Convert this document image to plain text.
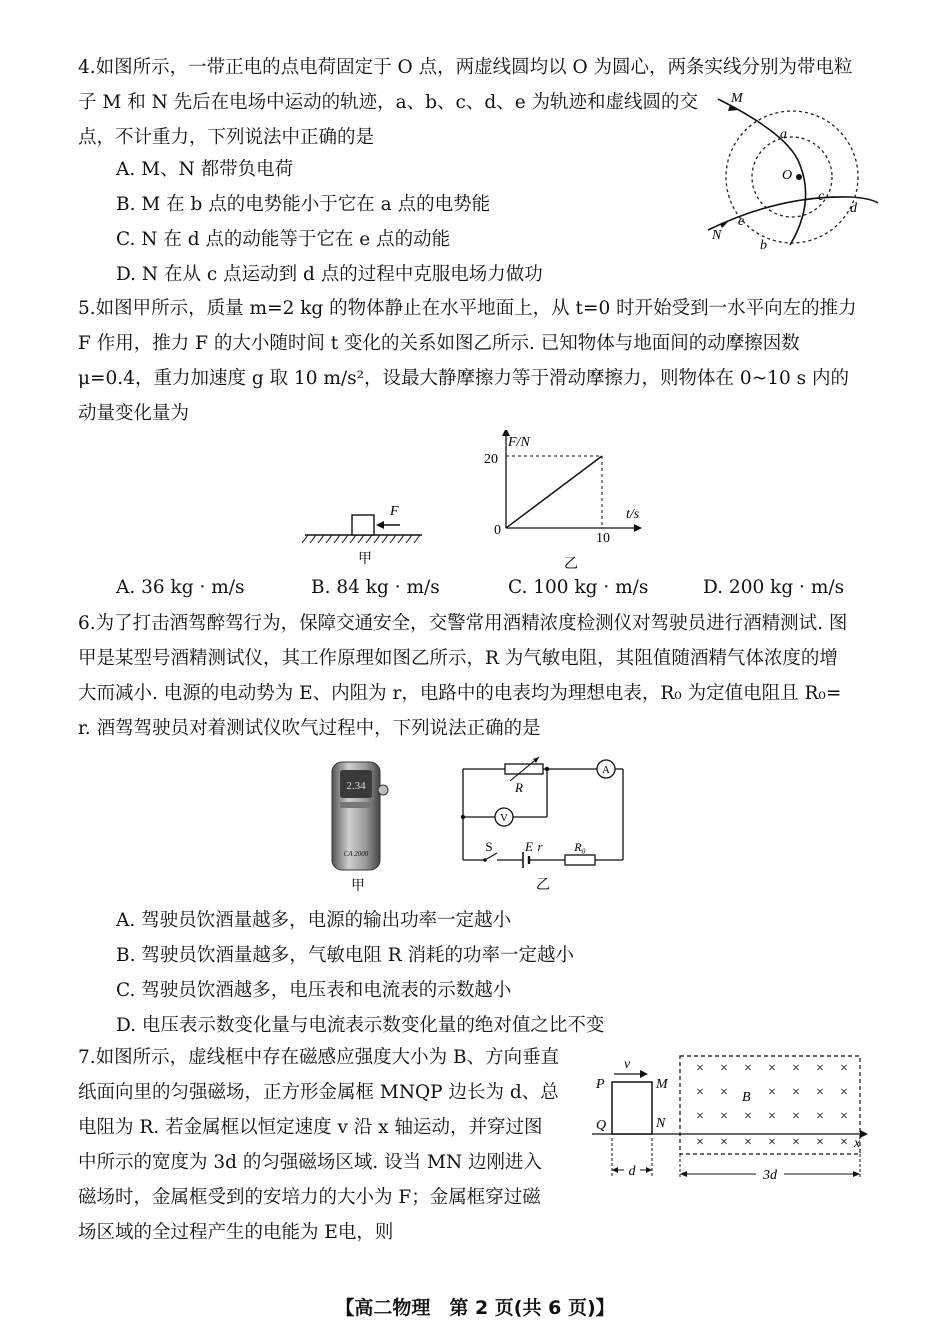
4.如图所示，一带正电的点电荷固定于 O 点，两虚线圆均以 O 为圆心，两条实线分别为带电粒
子 M 和 N 先后在电场中运动的轨迹，a、b、c、d、e 为轨迹和虚线圆的交
点，不计重力，下列说法中正确的是
A. M、N 都带负电荷
B. M 在 b 点的电势能小于它在 a 点的电势能
C. N 在 d 点的动能等于它在 e 点的动能
D. N 在从 c 点运动到 d 点的过程中克服电场力做功
M
a
O
c
d
e
N
b
5.如图甲所示，质量 m=2 kg 的物体静止在水平地面上，从 t=0 时开始受到一水平向左的推力
F 作用，推力 F 的大小随时间 t 变化的关系如图乙所示. 已知物体与地面间的动摩擦因数
μ=0.4，重力加速度 g 取 10 m/s²，设最大静摩擦力等于滑动摩擦力，则物体在 0~10 s 内的
动量变化量为
F
甲
F/N
t/s
20
0
10
乙
A. 36 kg · m/s	B. 84 kg · m/s	C. 100 kg · m/s	D. 200 kg · m/s
6.为了打击酒驾醉驾行为，保障交通安全，交警常用酒精浓度检测仪对驾驶员进行酒精测试. 图
甲是某型号酒精测试仪，其工作原理如图乙所示，R 为气敏电阻，其阻值随酒精气体浓度的增
大而减小. 电源的电动势为 E、内阻为 r，电路中的电表均为理想电表，R₀ 为定值电阻且 R₀=
r. 酒驾驾驶员对着测试仪吹气过程中，下列说法正确的是
2.34
CA 2000
甲
R
A
V
S E r	R₀
乙
A. 驾驶员饮酒量越多，电源的输出功率一定越小
B. 驾驶员饮酒量越多，气敏电阻 R 消耗的功率一定越小
C. 驾驶员饮酒越多，电压表和电流表的示数越小
D. 电压表示数变化量与电流表示数变化量的绝对值之比不变
7.如图所示，虚线框中存在磁感应强度大小为 B、方向垂直
纸面向里的匀强磁场，正方形金属框 MNQP 边长为 d、总
电阻为 R. 若金属框以恒定速度 v 沿 x 轴运动，并穿过图
中所示的宽度为 3d 的匀强磁场区域. 设当 MN 边刚进入
磁场时，金属框受到的安培力的大小为 F；金属框穿过磁
场区域的全过程产生的电能为 E电，则
x
v
P	M
Q	N
× × × × × × ×
× ×	× × × ×
× × × × × × ×
× × × × × × ×
B
d	3d
【高二物理　第 2 页(共 6 页)】
